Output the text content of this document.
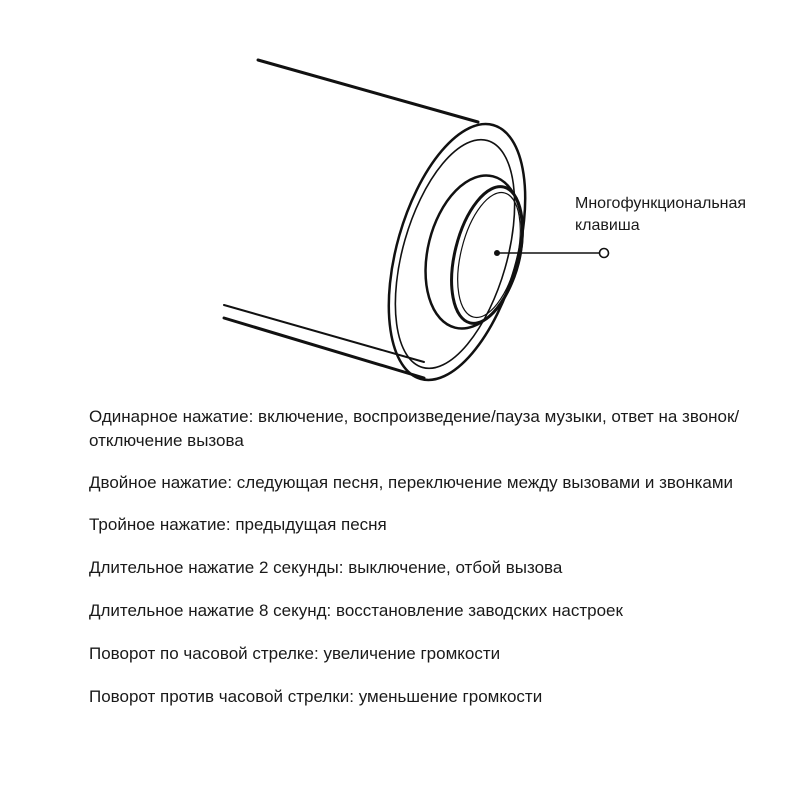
Многофункциональная
клавиша

Одинарное нажатие: включение, воспроизведение/пауза музыки, ответ на звонок/отключение вызова
Двойное нажатие: следующая песня, переключение между вызовами и звонками
Тройное нажатие: предыдущая песня
Длительное нажатие 2 секунды: выключение, отбой вызова
Длительное нажатие 8 секунд: восстановление заводских настроек
Поворот по часовой стрелке: увеличение громкости
Поворот против часовой стрелки: уменьшение громкости
